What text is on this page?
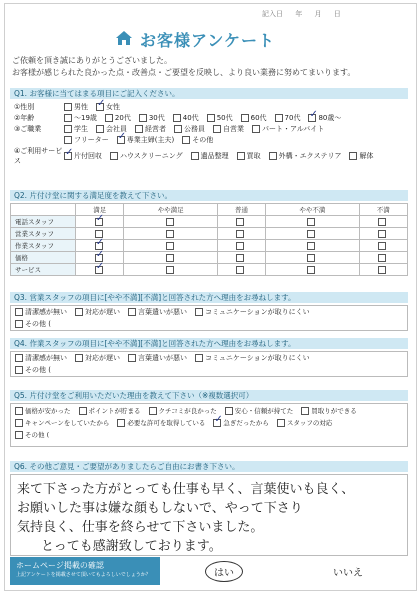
記入日 年 月 日
お客様アンケート
ご依頼を頂き誠にありがとうございました。
お客様が感じられた良かった点・改善点・ご要望を反映し、より良い業務に努めてまいります。
Q1. お客様に当てはまる項目にご記入ください。
①性別	男性 ✓	女性
②年齢	～19歳	20代	30代	40代	50代	60代	70代 ✓	80歳～
③ご職業	学生	会社員	経営者	公務員	自営業	パート・アルバイト
フリーター ✓	専業主婦(主夫)	その他
④ご利用サービス
✓片付回収	ハウスクリーニング	遺品整理	買取	外構・エクステリア	解体
Q2. 片付け堂に関する満足度を教えて下さい。
	満足	やや満足	普通	やや不満	不満
電話スタッフ	✓				
営業スタッフ					
作業スタッフ	✓				
価格	✓				
サービス	✓				
Q3. 営業スタッフの項目に[やや不満][不満]と回答された方へ理由をお尋ねします。
清潔感が無い	対応が遅い	言葉遣いが悪い	コミュニケーションが取りにくい
その他 (
Q4. 作業スタッフの項目に[やや不満][不満]と回答された方へ理由をお尋ねします。
清潔感が無い	対応が遅い	言葉遣いが悪い	コミュニケーションが取りにくい
その他 (
Q5. 片付け堂をご利用いただいた理由を教えて下さい（※複数選択可）
価格が安かった	ポイントが貯まる	クチコミが良かった	安心・信頼が持てた	買取りができる
キャンペーンをしていたから	必要な許可を取得している ✓	急ぎだったから	スタッフの対応
その他 (
Q6. その他ご意見・ご要望がありましたらご自由にお書き下さい。
来て下さった方がとっても仕事も早く、言葉使いも良く、
お願いした事は嫌な顔もしないで、やって下さり
気持良く、仕事を終らせて下さいました。
とっても感謝致しております。
ホームページ掲載の確認
上記アンケートを掲載させて頂いてもよろしいでしょうか？	はい	いいえ
